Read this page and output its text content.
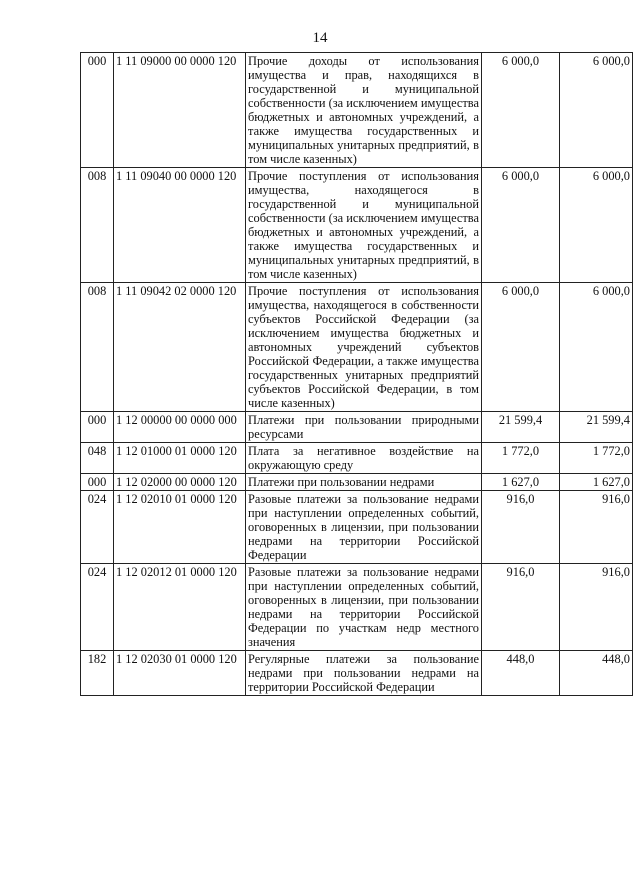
14
000	1 11 09000 00 0000 120	Прочие доходы от использования имущества и прав, находящихся в государственной и муниципальной собственности (за исключением имущества бюджетных и автономных учреждений, а также имущества государственных и муниципальных унитарных предприятий, в том числе казенных)	6 000,0	6 000,0
008	1 11 09040 00 0000 120	Прочие поступления от использования имущества, находящегося в государственной и муниципальной собственности (за исключением имущества бюджетных и автономных учреждений, а также имущества государственных и муниципальных унитарных предприятий, в том числе казенных)	6 000,0	6 000,0
008	1 11 09042 02 0000 120	Прочие поступления от использования имущества, находящегося в собственности субъектов Российской Федерации (за исключением имущества бюджетных и автономных учреждений субъектов Российской Федерации, а также имущества государственных унитарных предприятий субъектов Российской Федерации, в том числе казенных)	6 000,0	6 000,0
000	1 12 00000 00 0000 000	Платежи при пользовании природными ресурсами	21 599,4	21 599,4
048	1 12 01000 01 0000 120	Плата за негативное воздействие на окружающую среду	1 772,0	1 772,0
000	1 12 02000 00 0000 120	Платежи при пользовании недрами	1 627,0	1 627,0
024	1 12 02010 01 0000 120	Разовые платежи за пользование недрами при наступлении определенных событий, оговоренных в лицензии, при пользовании недрами на территории Российской Федерации	916,0	916,0
024	1 12 02012 01 0000 120	Разовые платежи за пользование недрами при наступлении определенных событий, оговоренных в лицензии, при пользовании недрами на территории Российской Федерации по участкам недр местного значения	916,0	916,0
182	1 12 02030 01 0000 120	Регулярные платежи за пользование недрами при пользовании недрами на территории Российской Федерации	448,0	448,0
